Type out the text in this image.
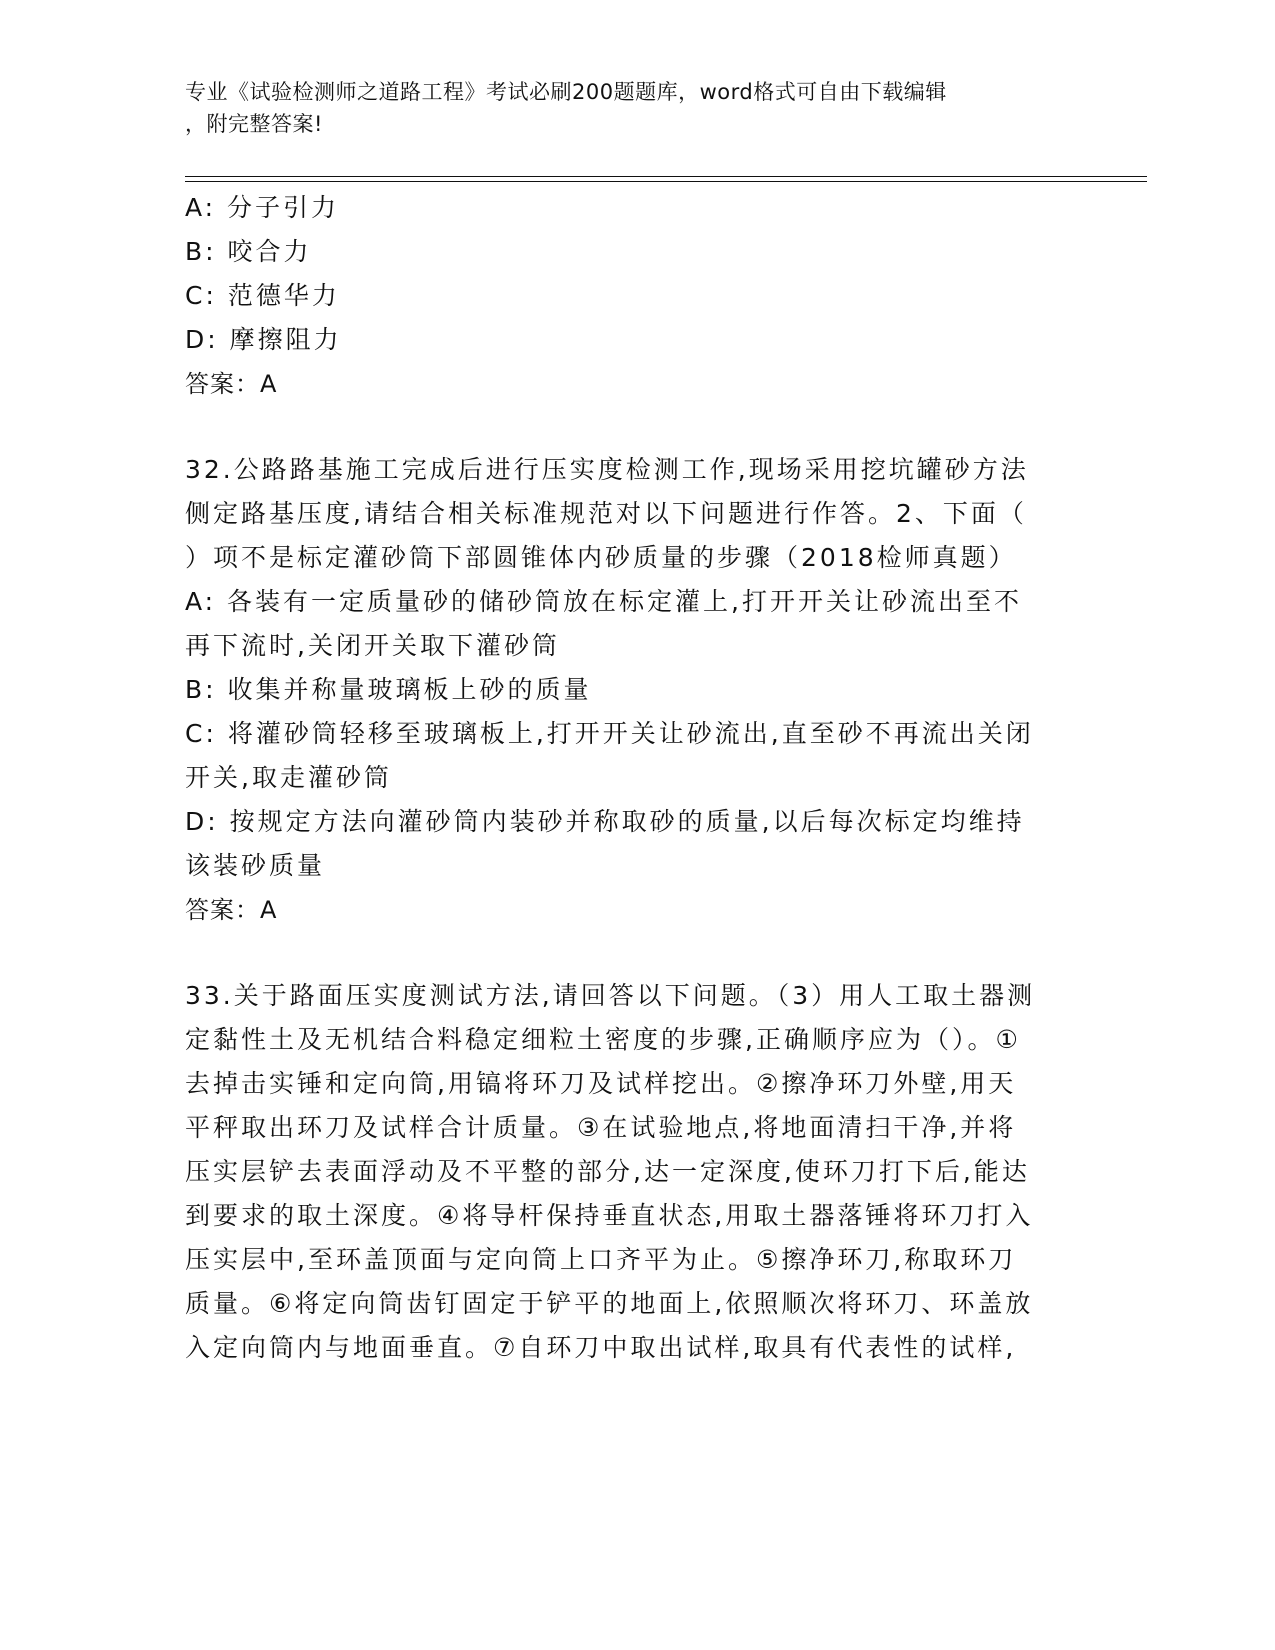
专业《试验检测师之道路工程》考试必刷200题题库，word格式可自由下载编辑
，附完整答案!

A: 分子引力

B: 咬合力

C: 范德华力

D: 摩擦阻力

答案：A

32.公路路基施工完成后进行压实度检测工作,现场采用挖坑罐砂方法

侧定路基压度,请结合相关标准规范对以下问题进行作答。2、下面（

）项不是标定灌砂筒下部圆锥体内砂质量的步骤（2018检师真题）

A: 各装有一定质量砂的储砂筒放在标定灌上,打开开关让砂流出至不

再下流时,关闭开关取下灌砂筒

B: 收集并称量玻璃板上砂的质量

C: 将灌砂筒轻移至玻璃板上,打开开关让砂流出,直至砂不再流出关闭

开关,取走灌砂筒

D: 按规定方法向灌砂筒内装砂并称取砂的质量,以后每次标定均维持

该装砂质量

答案：A

33.关于路面压实度测试方法,请回答以下问题。（3）用人工取土器测

定黏性土及无机结合料稳定细粒土密度的步骤,正确顺序应为（）。①

去掉击实锤和定向筒,用镐将环刀及试样挖出。②擦净环刀外壁,用天

平秤取出环刀及试样合计质量。③在试验地点,将地面清扫干净,并将

压实层铲去表面浮动及不平整的部分,达一定深度,使环刀打下后,能达

到要求的取土深度。④将导杆保持垂直状态,用取土器落锤将环刀打入

压实层中,至环盖顶面与定向筒上口齐平为止。⑤擦净环刀,称取环刀

质量。⑥将定向筒齿钉固定于铲平的地面上,依照顺次将环刀、环盖放

入定向筒内与地面垂直。⑦自环刀中取出试样,取具有代表性的试样,
